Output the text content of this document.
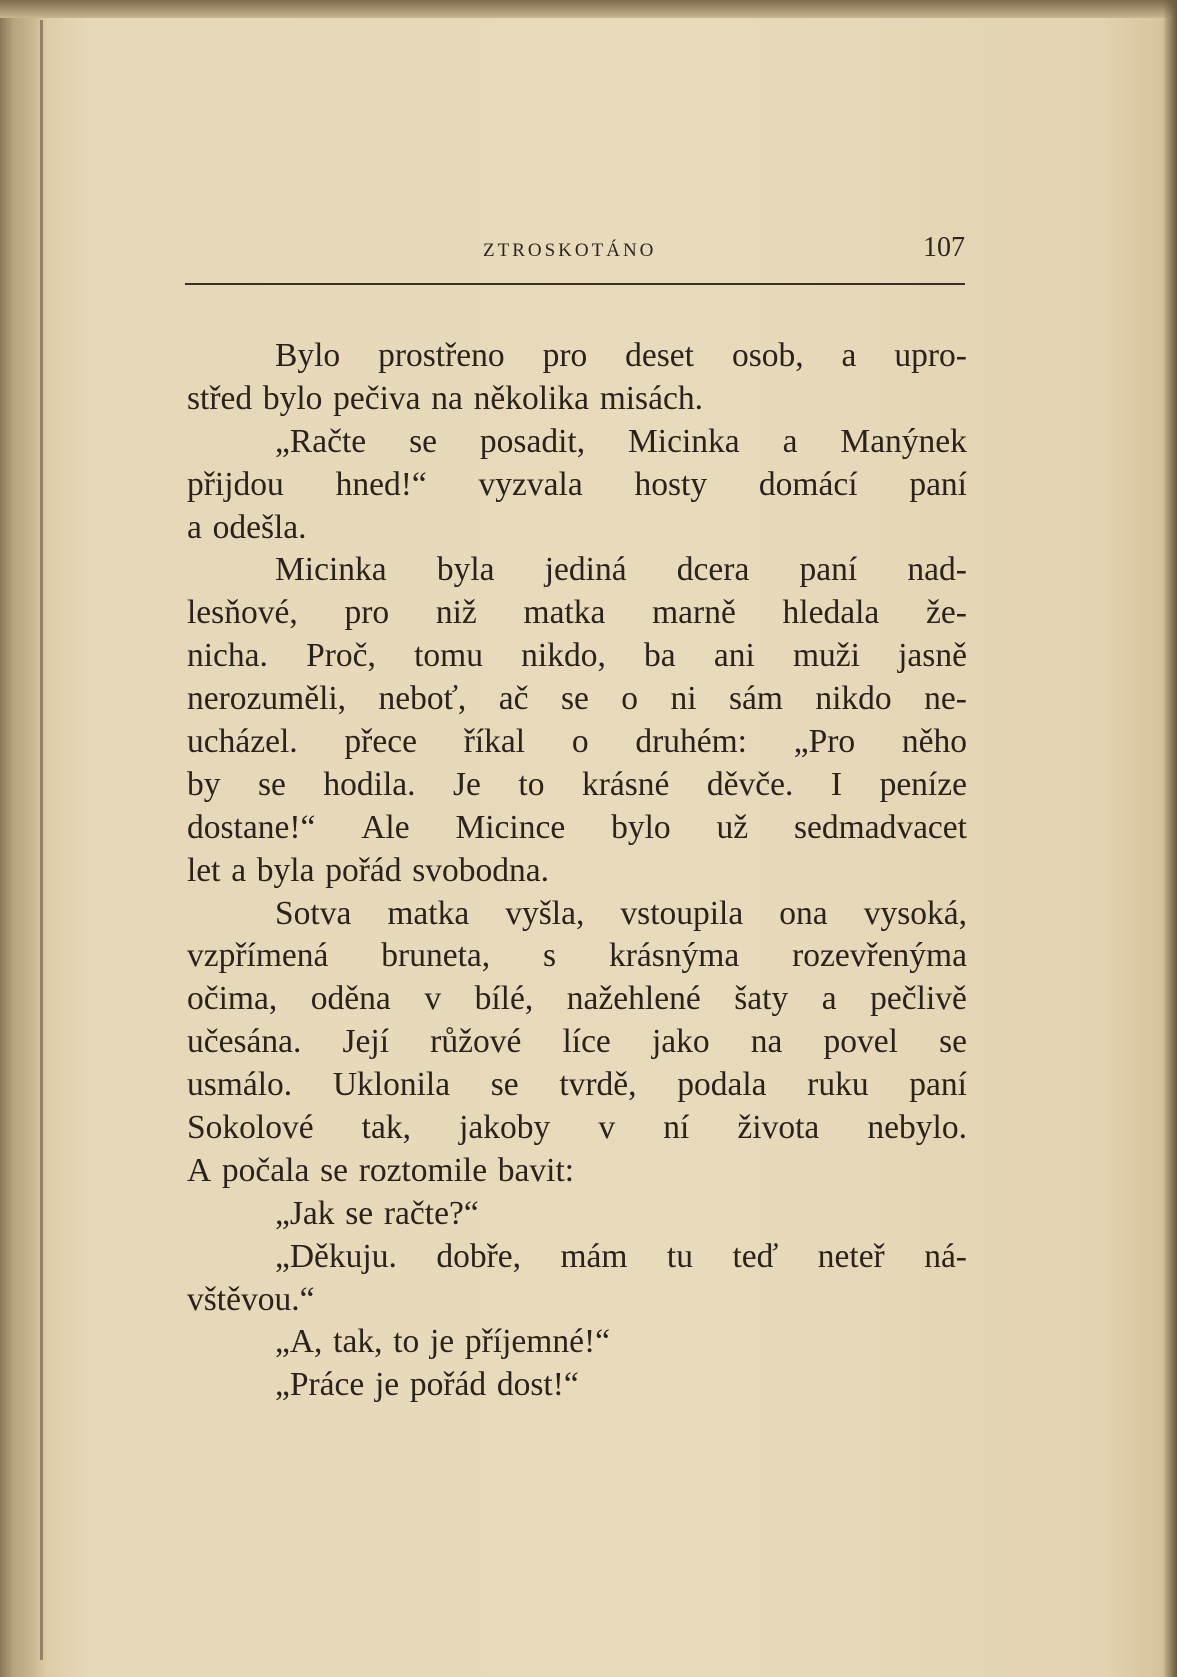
ZTROSKOTÁNO	107
Bylo prostřeno pro deset osob, a upro-
střed bylo pečiva na několika misách.
„Račte se posadit, Micinka a Manýnek
přijdou hned!“ vyzvala hosty domácí paní
a odešla.
Micinka byla jediná dcera paní nad-
lesňové, pro niž matka marně hledala že-
nicha. Proč, tomu nikdo, ba ani muži jasně
nerozuměli, neboť, ač se o ni sám nikdo ne-
ucházel. přece říkal o druhém: „Pro něho
by se hodila. Je to krásné děvče. I peníze
dostane!“ Ale Micince bylo už sedmadvacet
let a byla pořád svobodna.
Sotva matka vyšla, vstoupila ona vysoká,
vzpřímená bruneta, s krásnýma rozevřenýma
očima, oděna v bílé, nažehlené šaty a pečlivě
učesána. Její růžové líce jako na povel se
usmálo. Uklonila se tvrdě, podala ruku paní
Sokolové tak, jakoby v ní života nebylo.
A počala se roztomile bavit:
„Jak se račte?“
„Děkuju. dobře, mám tu teď neteř ná-
vštěvou.“
„A, tak, to je příjemné!“
„Práce je pořád dost!“
